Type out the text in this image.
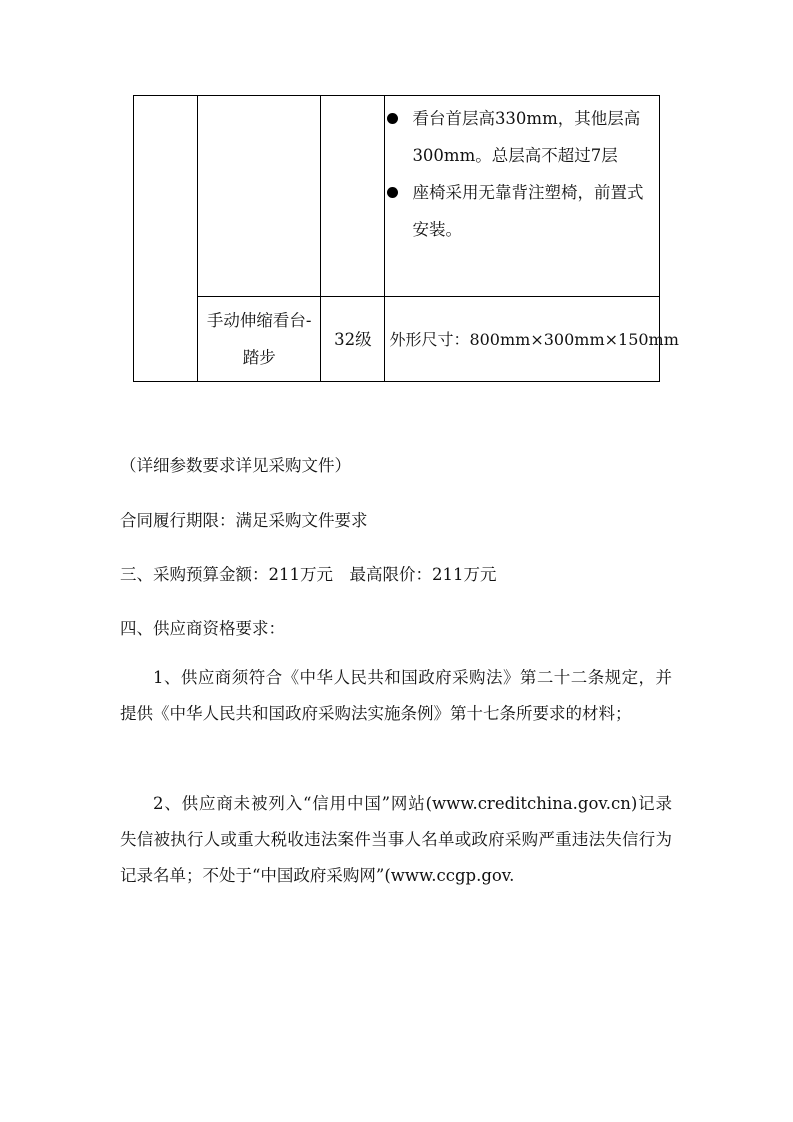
			看台首层高330mm，其他层高300mm。总层高不超过7层
座椅采用无靠背注塑椅，前置式安装。

	手动伸缩看台-踏步	32级	外形尺寸：800mm×300mm×150mm
（详细参数要求详见采购文件）
合同履行期限：满足采购文件要求
三、采购预算金额：211万元　最高限价：211万元
四、供应商资格要求：
1、供应商须符合《中华人民共和国政府采购法》第二十二条规定，并提供《中华人民共和国政府采购法实施条例》第十七条所要求的材料；
2、供应商未被列入“信用中国”网站(www.creditchina.gov.cn)记录失信被执行人或重大税收违法案件当事人名单或政府采购严重违法失信行为记录名单；不处于“中国政府采购网”(www.ccgp.gov.
